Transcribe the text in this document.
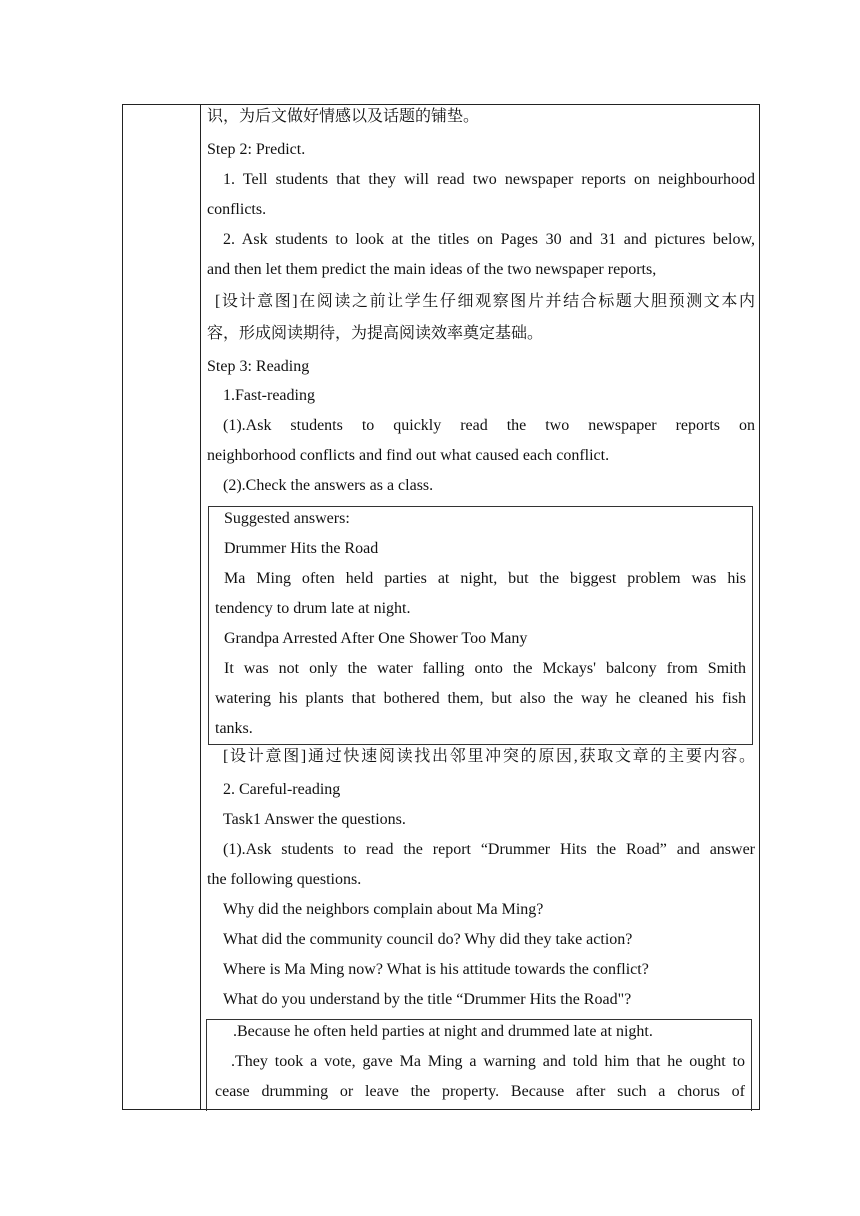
识，为后文做好情感以及话题的铺垫。
Step 2: Predict.
1. Tell students that they will read two newspaper reports on neighbourhood
conflicts.
2. Ask students to look at the titles on Pages 30 and 31 and pictures below,
and then let them predict the main ideas of the two newspaper reports,
[设计意图]在阅读之前让学生仔细观察图片并结合标题大胆预测文本内
容，形成阅读期待，为提高阅读效率奠定基础。
Step 3: Reading
1.Fast-reading
(1).Ask students to quickly read the two newspaper reports on
neighborhood conflicts and find out what caused each conflict.
(2).Check the answers as a class.
Suggested answers:
Drummer Hits the Road
Ma Ming often held parties at night, but the biggest problem was his
tendency to drum late at night.
Grandpa Arrested After One Shower Too Many
It was not only the water falling onto the Mckays' balcony from Smith
watering his plants that bothered them, but also the way he cleaned his fish
tanks.
[设计意图]通过快速阅读找出邻里冲突的原因,获取文章的主要内容。
2. Careful-reading
Task1 Answer the questions.
(1).Ask students to read the report “Drummer Hits the Road” and answer
the following questions.
Why did the neighbors complain about Ma Ming?
What did the community council do? Why did they take action?
Where is Ma Ming now? What is his attitude towards the conflict?
What do you understand by the title “Drummer Hits the Road"?
.Because he often held parties at night and drummed late at night.
.They took a vote, gave Ma Ming a warning and told him that he ought to
cease drumming or leave the property. Because after such a chorus of
